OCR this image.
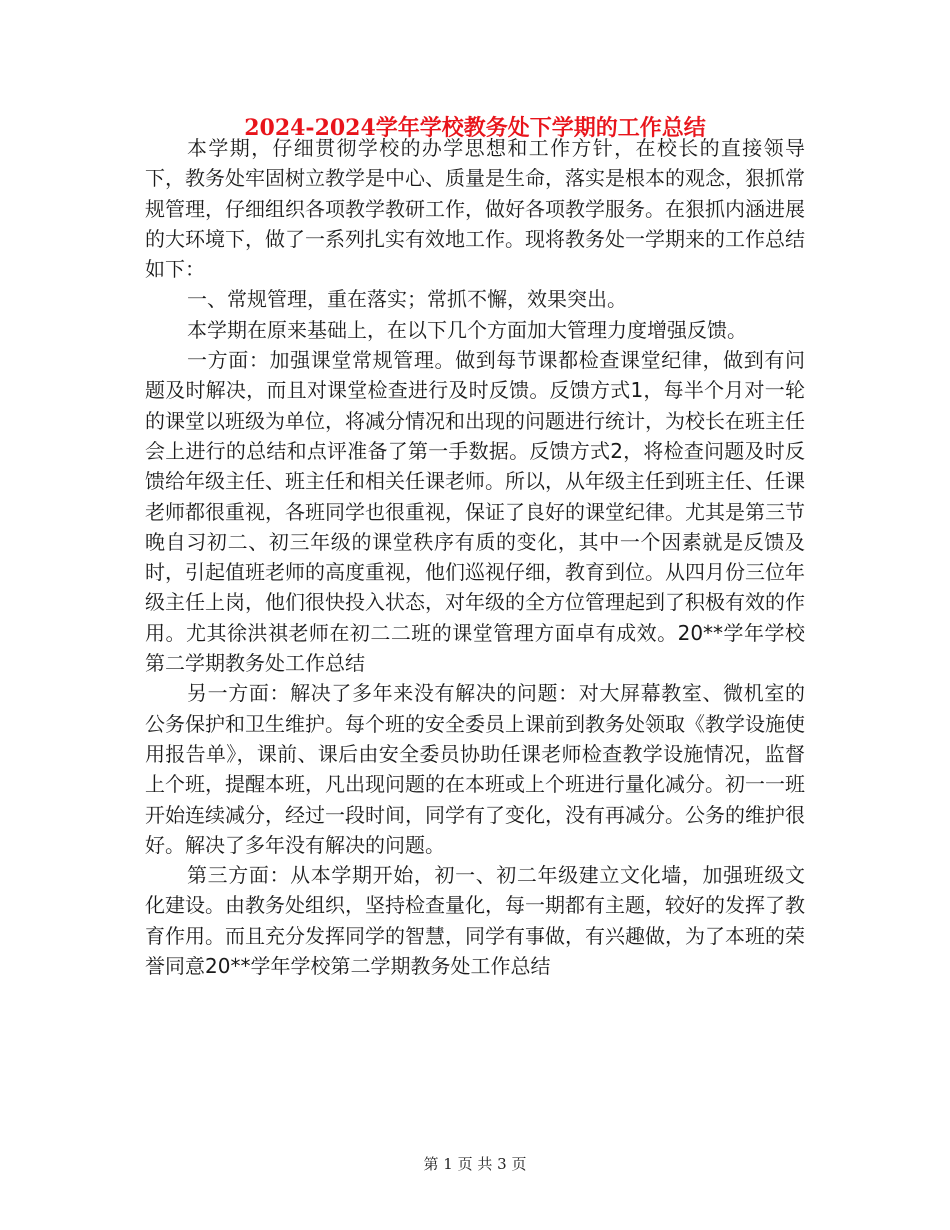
2024-2024学年学校教务处下学期的工作总结

本学期，仔细贯彻学校的办学思想和工作方针，在校长的直接领导下，教务处牢固树立教学是中心、质量是生命，落实是根本的观念，狠抓常规管理，仔细组织各项教学教研工作，做好各项教学服务。在狠抓内涵进展的大环境下，做了一系列扎实有效地工作。现将教务处一学期来的工作总结如下：

一、常规管理，重在落实；常抓不懈，效果突出。

本学期在原来基础上，在以下几个方面加大管理力度增强反馈。

一方面：加强课堂常规管理。做到每节课都检查课堂纪律，做到有问题及时解决，而且对课堂检查进行及时反馈。反馈方式1，每半个月对一轮的课堂以班级为单位，将减分情况和出现的问题进行统计，为校长在班主任会上进行的总结和点评准备了第一手数据。反馈方式2，将检查问题及时反馈给年级主任、班主任和相关任课老师。所以，从年级主任到班主任、任课老师都很重视，各班同学也很重视，保证了良好的课堂纪律。尤其是第三节晚自习初二、初三年级的课堂秩序有质的变化，其中一个因素就是反馈及时，引起值班老师的高度重视，他们巡视仔细，教育到位。从四月份三位年级主任上岗，他们很快投入状态，对年级的全方位管理起到了积极有效的作用。尤其徐洪祺老师在初二二班的课堂管理方面卓有成效。20**学年学校第二学期教务处工作总结

另一方面：解决了多年来没有解决的问题：对大屏幕教室、微机室的公务保护和卫生维护。每个班的安全委员上课前到教务处领取《教学设施使用报告单》，课前、课后由安全委员协助任课老师检查教学设施情况，监督上个班，提醒本班，凡出现问题的在本班或上个班进行量化减分。初一一班开始连续减分，经过一段时间，同学有了变化，没有再减分。公务的维护很好。解决了多年没有解决的问题。

第三方面：从本学期开始，初一、初二年级建立文化墙，加强班级文化建设。由教务处组织，坚持检查量化，每一期都有主题，较好的发挥了教育作用。而且充分发挥同学的智慧，同学有事做，有兴趣做，为了本班的荣誉同意20**学年学校第二学期教务处工作总结

第 1 页 共 3 页
